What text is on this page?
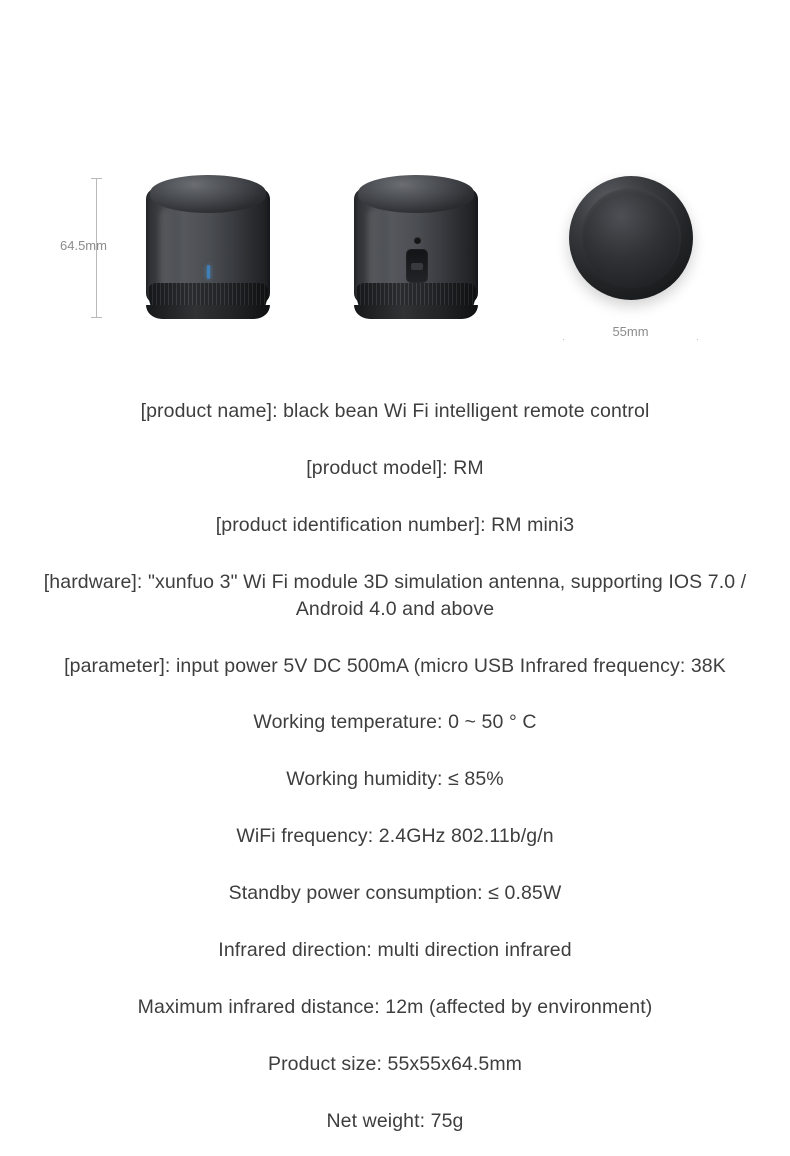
64.5mm
55mm

[product name]: black bean Wi Fi intelligent remote control

[product model]: RM

[product identification number]: RM mini3

[hardware]: "xunfuo 3" Wi Fi module 3D simulation antenna, supporting IOS 7.0 / Android 4.0 and above

[parameter]: input power 5V DC 500mA (micro USB Infrared frequency: 38K

Working temperature: 0 ~ 50 ° C

Working humidity: ≤ 85%

WiFi frequency: 2.4GHz 802.11b/g/n

Standby power consumption: ≤ 0.85W

Infrared direction: multi direction infrared

Maximum infrared distance: 12m (affected by environment)

Product size: 55x55x64.5mm

Net weight: 75g
